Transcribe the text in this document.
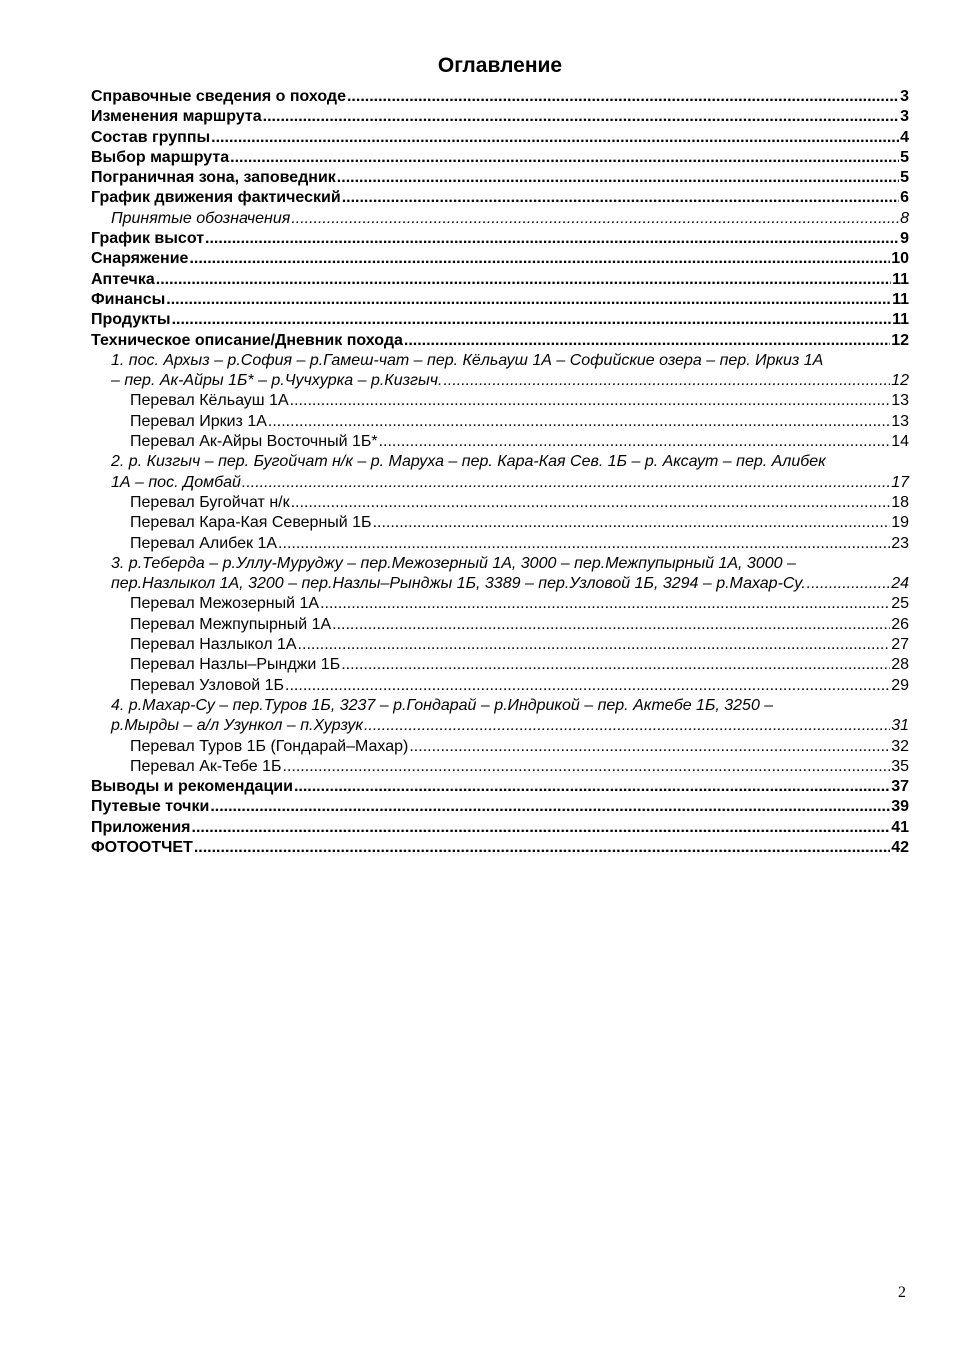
Оглавление
Справочные сведения о походе .....	3
Изменения маршрута .....	3
Состав группы .....	4
Выбор маршрута .....	5
Пограничная зона, заповедник .....	5
График движения фактический .....	6
Принятые обозначения .....	8
График высот .....	9
Снаряжение .....	10
Аптечка .....	11
Финансы .....	11
Продукты .....	11
Техническое описание/Дневник похода .....	12
1. пос. Архыз – р.София – р.Гамеш-чат – пер. Кёльауш 1А – Софийские озера – пер. Иркиз 1А
– пер. Ак-Айры 1Б* – р.Чучхурка – р.Кизгыч. .....	12
Перевал Кёльауш 1А .....	13
Перевал Иркиз 1А .....	13
Перевал Ак-Айры Восточный 1Б* .....	14
2. р. Кизгыч – пер. Бугойчат н/к – р. Маруха – пер. Кара-Кая Сев. 1Б – р. Аксаут – пер. Алибек
1А – пос. Домбай .....	17
Перевал Бугойчат н/к .....	18
Перевал Кара-Кая Северный 1Б .....	19
Перевал Алибек 1А .....	23
3. р.Теберда – р.Уллу-Муруджу – пер.Межозерный 1А, 3000 – пер.Межпупырный 1А, 3000 –
пер.Назлыкол 1А, 3200 – пер.Назлы–Рынджы 1Б, 3389 – пер.Узловой 1Б, 3294 – р.Махар-Су. .....	24
Перевал Межозерный 1А .....	25
Перевал Межпупырный 1А .....	26
Перевал Назлыкол 1А .....	27
Перевал Назлы–Рынджи 1Б .....	28
Перевал Узловой 1Б .....	29
4. р.Махар-Су – пер.Туров 1Б, 3237 – р.Гондарай – р.Индрикой – пер. Актебе 1Б, 3250 –
р.Мырды – а/л Узункол – п.Хурзук .....	31
Перевал Туров 1Б (Гондарай–Махар) .....	32
Перевал Ак-Тебе 1Б .....	35
Выводы и рекомендации .....	37
Путевые точки .....	39
Приложения .....	41
ФОТООТЧЕТ .....	42
2
